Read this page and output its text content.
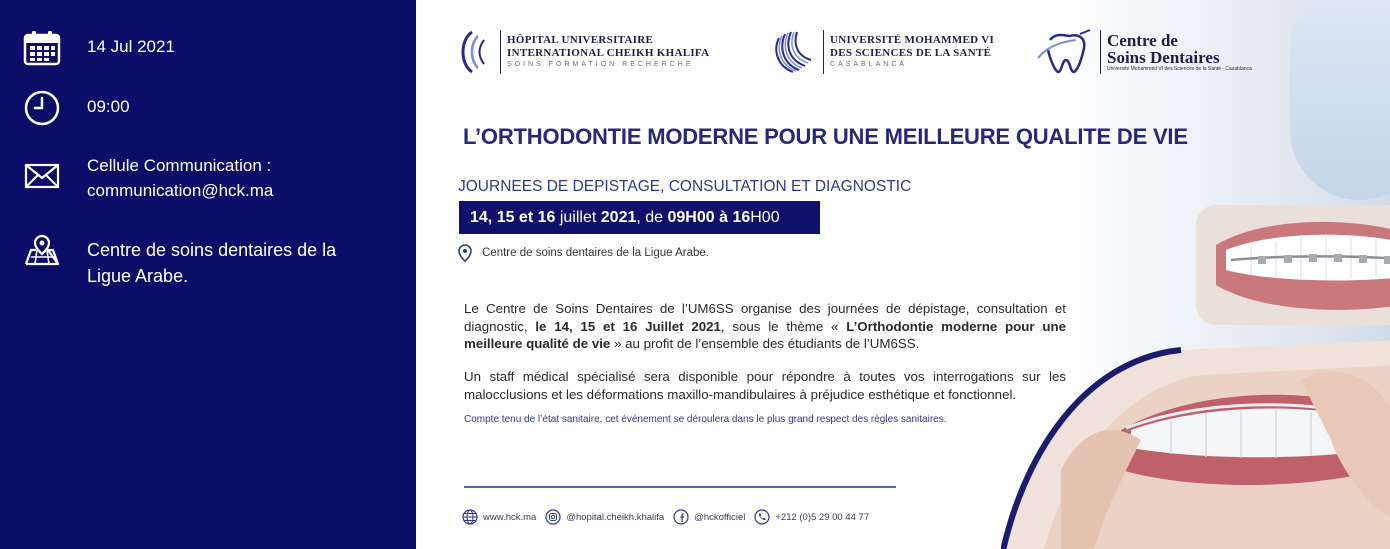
14 Jul 2021
09:00
Cellule Communication :
communication@hck.ma
Centre de soins dentaires de la
Ligue Arabe.
HÔPITAL UNIVERSITAIRE
INTERNATIONAL CHEIKH KHALIFA
SOINS FORMATION RECHERCHE
UNIVERSITÉ MOHAMMED VI
DES SCIENCES DE LA SANTÉ
CASABLANCA
Centre de
Soins Dentaires
Université Mohammed VI des Sciences de la Santé - Casablanca
L’ORTHODONTIE MODERNE POUR UNE MEILLEURE QUALITE DE VIE
JOURNEES DE DEPISTAGE, CONSULTATION ET DIAGNOSTIC
14, 15 et 16 juillet 2021, de 09H00 à 16H00
Centre de soins dentaires de la Ligue Arabe.
Le Centre de Soins Dentaires de l’UM6SS organise des journées de dépistage, consultation et diagnostic, le 14, 15 et 16 Juillet 2021, sous le thème « L’Orthodontie moderne pour une meilleure qualité de vie » au profit de l’ensemble des étudiants de l’UM6SS.
Un staff médical spécialisé sera disponible pour répondre à toutes vos interrogations sur les malocclusions et les déformations maxillo-mandibulaires à préjudice esthétique et fonctionnel.
Compte tenu de l’état sanitaire, cet événement se déroulera dans le plus grand respect des règles sanitaires.
www.hck.ma	@hopital.cheikh.khalifa	@hckofficiel	+212 (0)5 29 00 44 77
